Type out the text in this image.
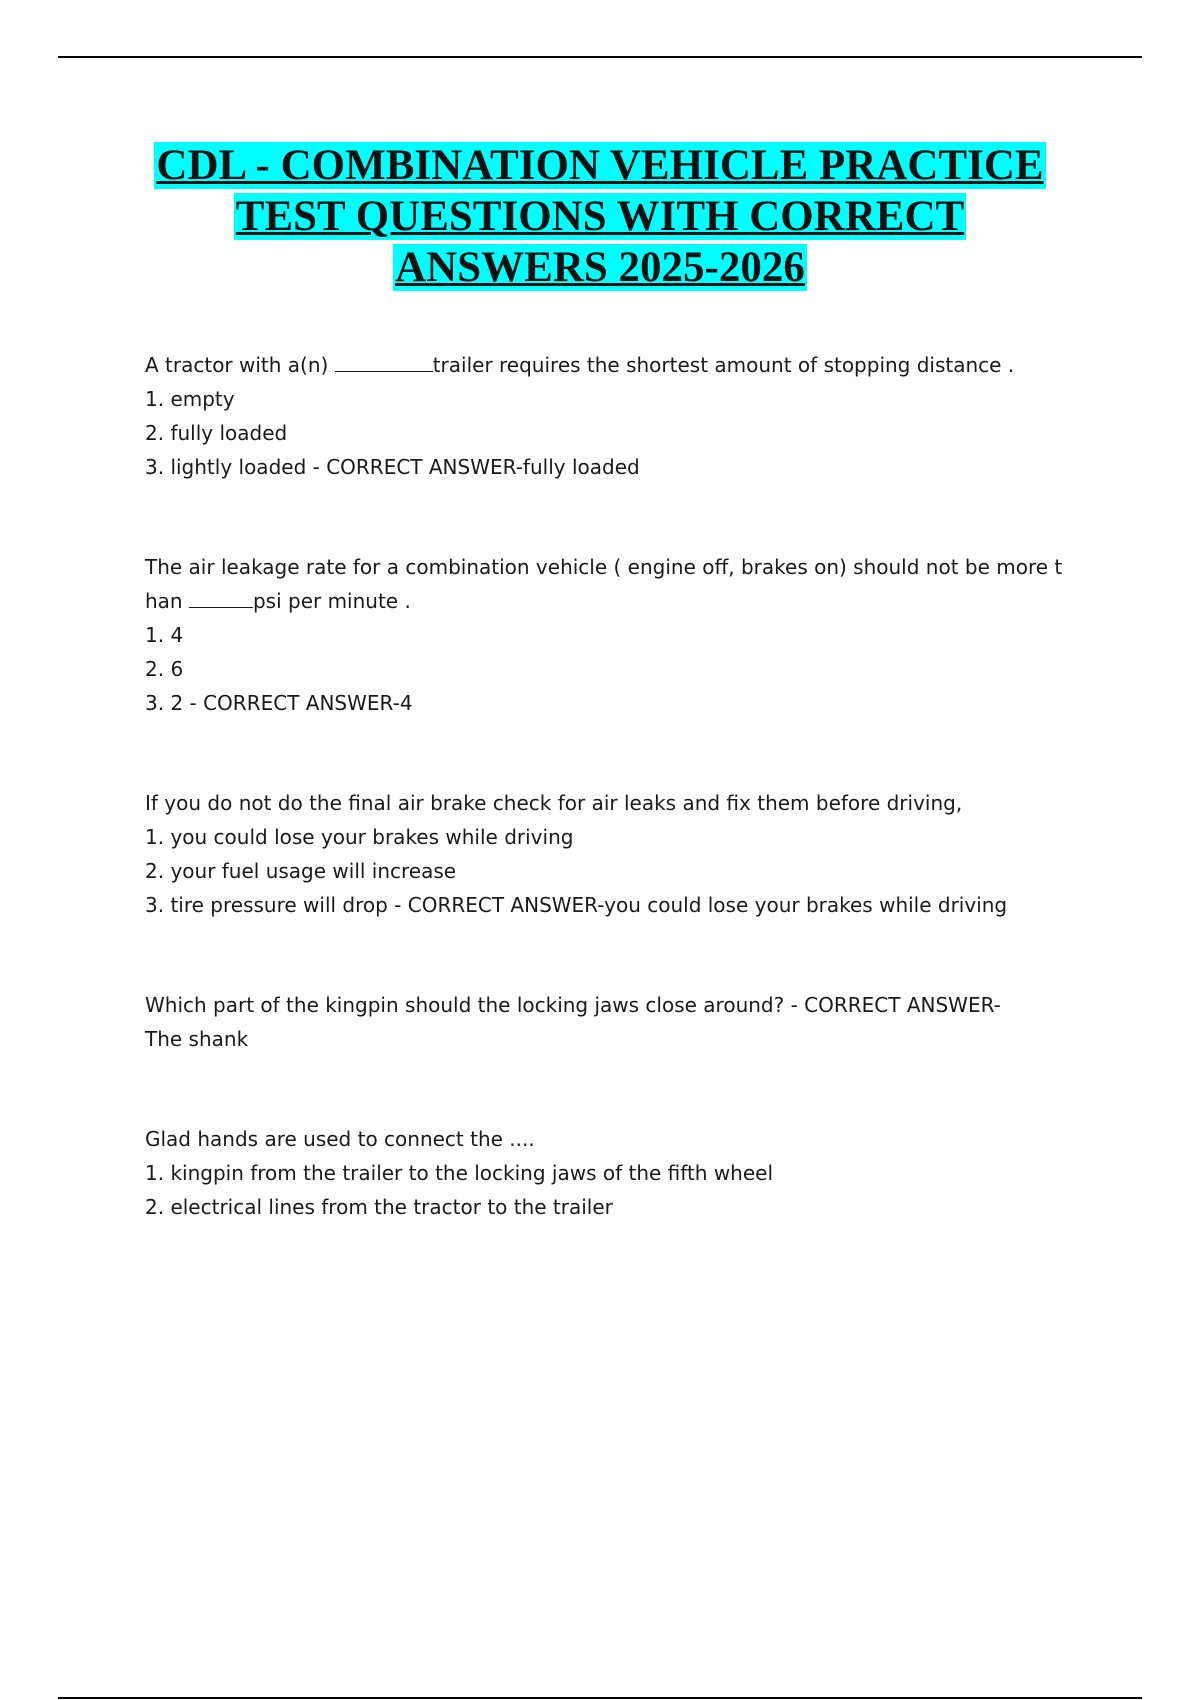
CDL - COMBINATION VEHICLE PRACTICE
TEST QUESTIONS WITH CORRECT
ANSWERS 2025-2026

A tractor with a(n)	trailer requires the shortest amount of stopping distance .

1. empty

2. fully loaded

3. lightly loaded - CORRECT ANSWER-fully loaded

The air leakage rate for a combination vehicle ( engine off, brakes on) should not be more t

han	psi per minute .

1. 4

2. 6

3. 2 - CORRECT ANSWER-4

If you do not do the final air brake check for air leaks and fix them before driving,

1. you could lose your brakes while driving

2. your fuel usage will increase

3. tire pressure will drop - CORRECT ANSWER-you could lose your brakes while driving

Which part of the kingpin should the locking jaws close around? - CORRECT ANSWER-

The shank

Glad hands are used to connect the ....

1. kingpin from the trailer to the locking jaws of the fifth wheel

2. electrical lines from the tractor to the trailer
